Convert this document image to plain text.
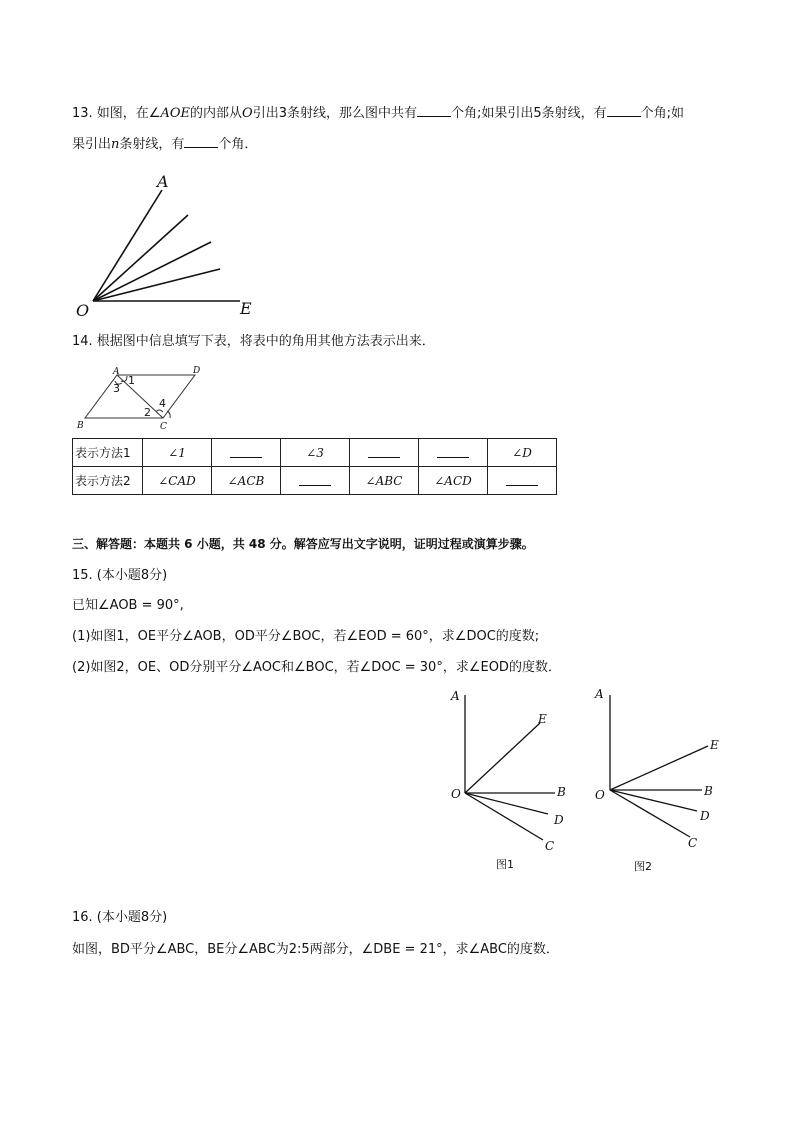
13. 如图，在∠AOE的内部从O引出3条射线，那么图中共有	个角;如果引出5条射线，有	个角;如
果引出n条射线，有	个角．
A
O	E
14. 根据图中信息填写下表，将表中的角用其他方法表示出来．
A	D
B	C
1
3
2
4
表示方法1	∠1		∠3			∠D
表示方法2	∠CAD	∠ACB		∠ABC	∠ACD	
三、解答题：本题共 6 小题，共 48 分。解答应写出文字说明，证明过程或演算步骤。
15. (本小题8分)
已知∠AOB = 90°,
(1)如图1，OE平分∠AOB，OD平分∠BOC，若∠EOD = 60°，求∠DOC的度数;
(2)如图2，OE、OD分别平分∠AOC和∠BOC，若∠DOC = 30°，求∠EOD的度数．
A
E
O	B
D
C
图1
A
E
O	B
D
C
图2
16. (本小题8分)
如图，BD平分∠ABC，BE分∠ABC为2:5两部分，∠DBE = 21°，求∠ABC的度数．
